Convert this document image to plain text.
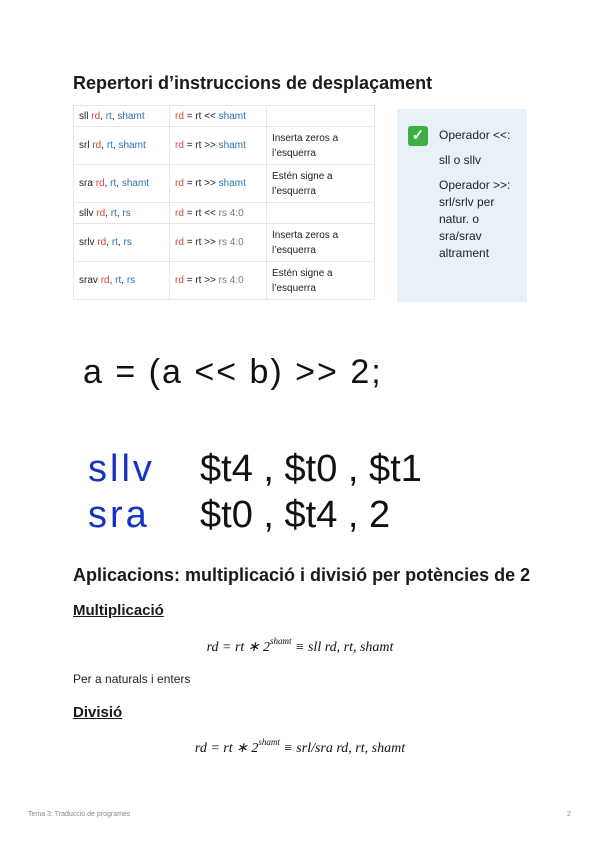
Repertori d’instruccions de desplaçament
sll rd, rt, shamt	rd = rt << shamt	

srl rd, rt, shamt	rd = rt >> shamt	Inserta zeros a
l’esquerra
sra rd, rt, shamt	rd = rt >> shamt	Estén signe a
l’esquerra
sllv rd, rt, rs	rd = rt << rs 4:0	

srlv rd, rt, rs	rd = rt >> rs 4:0	Inserta zeros a
l’esquerra
srav rd, rt, rs	rd = rt >> rs 4:0	Estén signe a
l’esquerra
✓	Operador <<:

sll o sllv

Operador >>: srl/srlv per natur. o sra/srav altrament

a = (a << b) >> 2;
sllv $t4 , $t0 , $t1
sra $t0 , $t4 , 2
Aplicacions: multiplicació i divisió per potències de 2
Multiplicació
rd = rt ∗ $2^{shamt}$ ≡ sll rd, rt, shamt
Per a naturals i enters
Divisió
rd = rt ∗ $2^{shamt} \equiv srl/sra$ rd, rt, shamt
Tema 3: Traducció de programes	2
